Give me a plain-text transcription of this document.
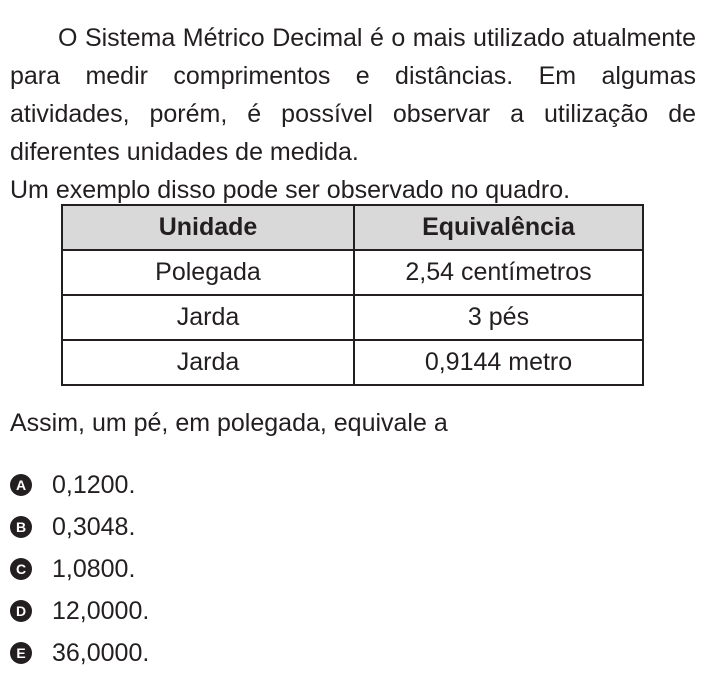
O Sistema Métrico Decimal é o mais utilizado atualmente para medir comprimentos e distâncias. Em algumas atividades, porém, é possível observar a utilização de diferentes unidades de medida.
Um exemplo disso pode ser observado no quadro.

Unidade	Equivalência
Polegada	2,54 centímetros
Jarda	3 pés
Jarda	0,9144 metro

Assim, um pé, em polegada, equivale a

A 0,1200.
B 0,3048.
C 1,0800.
D 12,0000.
E 36,0000.
